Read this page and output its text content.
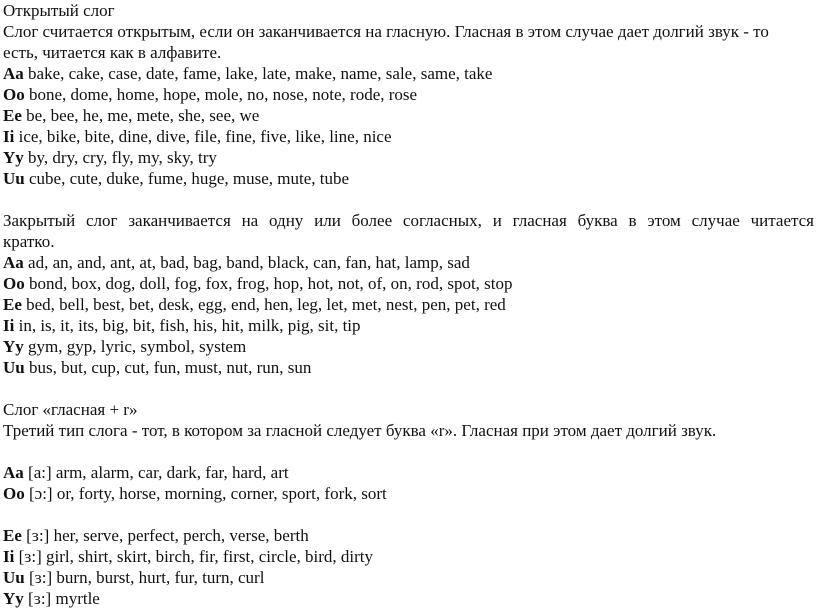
Открытый слог
Слог считается открытым, если он заканчивается на гласную. Гласная в этом случае дает долгий звук - то
есть, читается как в алфавите.
Aa bake, cake, case, date, fame, lake, late, make, name, sale, same, take
Oo bone, dome, home, hope, mole, no, nose, note, rode, rose
Ee be, bee, he, me, mete, she, see, we
Ii ice, bike, bite, dine, dive, file, fine, five, like, line, nice
Yy by, dry, cry, fly, my, sky, try
Uu cube, cute, duke, fume, huge, muse, mute, tube
Закрытый слог заканчивается на одну или более согласных, и гласная буква в этом случае читается
кратко.
Aa ad, an, and, ant, at, bad, bag, band, black, can, fan, hat, lamp, sad
Oo bond, box, dog, doll, fog, fox, frog, hop, hot, not, of, on, rod, spot, stop
Ee bed, bell, best, bet, desk, egg, end, hen, leg, let, met, nest, pen, pet, red
Ii in, is, it, its, big, bit, fish, his, hit, milk, pig, sit, tip
Yy gym, gyp, lyric, symbol, system
Uu bus, but, cup, cut, fun, must, nut, run, sun
Слог «гласная + r»
Третий тип слога - тот, в котором за гласной следует буква «r». Гласная при этом дает долгий звук.
Aa [a:] arm, alarm, car, dark, far, hard, art
Oo [ɔ:] or, forty, horse, morning, corner, sport, fork, sort
Ee [ɜ:] her, serve, perfect, perch, verse, berth
Ii [ɜ:] girl, shirt, skirt, birch, fir, first, circle, bird, dirty
Uu [ɜ:] burn, burst, hurt, fur, turn, curl
Yy [ɜ:] myrtle
